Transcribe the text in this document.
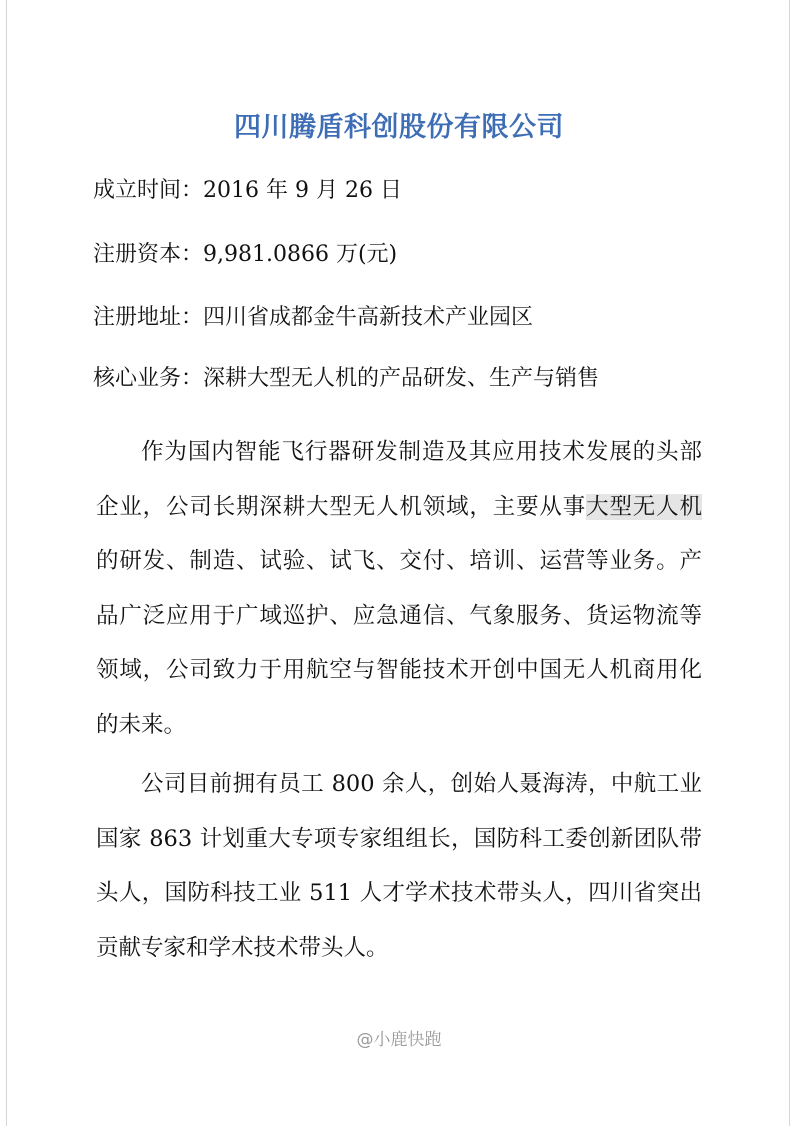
四川腾盾科创股份有限公司
成立时间：2016 年 9 月 26 日
注册资本：9,981.0866 万(元)
注册地址：四川省成都金牛高新技术产业园区
核心业务：深耕大型无人机的产品研发、生产与销售

作为国内智能飞行器研发制造及其应用技术发展的头部企业，公司长期深耕大型无人机领域，主要从事大型无人机的研发、制造、试验、试飞、交付、培训、运营等业务。产品广泛应用于广域巡护、应急通信、气象服务、货运物流等领域，公司致力于用航空与智能技术开创中国无人机商用化的未来。

公司目前拥有员工 800 余人，创始人聂海涛，中航工业国家 863 计划重大专项专家组组长，国防科工委创新团队带头人，国防科技工业 511 人才学术技术带头人，四川省突出贡献专家和学术技术带头人。

@小鹿快跑
